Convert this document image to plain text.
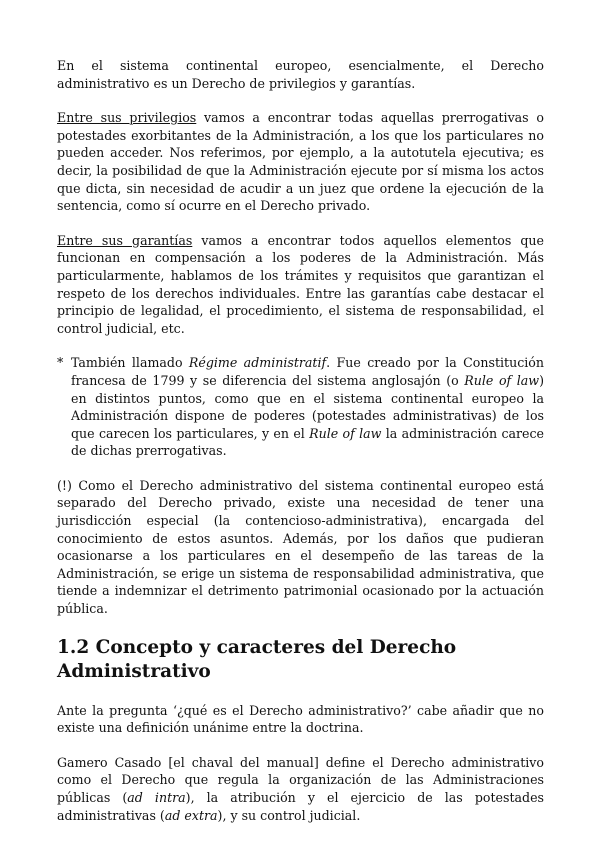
En el sistema continental europeo, esencialmente, el Derecho administrativo es un Derecho de privilegios y garantías.

Entre sus privilegios vamos a encontrar todas aquellas prerrogativas o potestades exorbitantes de la Administración, a los que los particulares no pueden acceder. Nos referimos, por ejemplo, a la autotutela ejecutiva; es decir, la posibilidad de que la Administración ejecute por sí misma los actos que dicta, sin necesidad de acudir a un juez que ordene la ejecución de la sentencia, como sí ocurre en el Derecho privado.

Entre sus garantías vamos a encontrar todos aquellos elementos que funcionan en compensación a los poderes de la Administración. Más particularmente, hablamos de los trámites y requisitos que garantizan el respeto de los derechos individuales. Entre las garantías cabe destacar el principio de legalidad, el procedimiento, el sistema de responsabilidad, el control judicial, etc.

* También llamado Régime administratif. Fue creado por la Constitución francesa de 1799 y se diferencia del sistema anglosajón (o Rule of law) en distintos puntos, como que en el sistema continental europeo la Administración dispone de poderes (potestades administrativas) de los que carecen los particulares, y en el Rule of law la administración carece de dichas prerrogativas.

(!) Como el Derecho administrativo del sistema continental europeo está separado del Derecho privado, existe una necesidad de tener una jurisdicción especial (la contencioso-administrativa), encargada del conocimiento de estos asuntos. Además, por los daños que pudieran ocasionarse a los particulares en el desempeño de las tareas de la Administración, se erige un sistema de responsabilidad administrativa, que tiende a indemnizar el detrimento patrimonial ocasionado por la actuación pública.

1.2 Concepto y caracteres del Derecho Administrativo

Ante la pregunta ‘¿qué es el Derecho administrativo?’ cabe añadir que no existe una definición unánime entre la doctrina.

Gamero Casado [el chaval del manual] define el Derecho administrativo como el Derecho que regula la organización de las Administraciones públicas (ad intra), la atribución y el ejercicio de las potestades administrativas (ad extra), y su control judicial.
